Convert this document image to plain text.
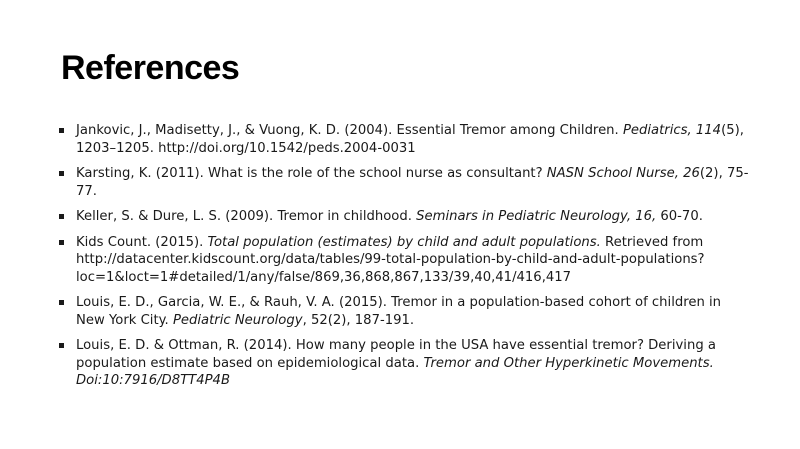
References
Jankovic, J., Madisetty, J., & Vuong, K. D. (2004). Essential Tremor among Children. Pediatrics, 114(5), 1203–1205. http://doi.org/10.1542/peds.2004-0031
Karsting, K. (2011). What is the role of the school nurse as consultant? NASN School Nurse, 26(2), 75-77.
Keller, S. & Dure, L. S. (2009). Tremor in childhood. Seminars in Pediatric Neurology, 16, 60-70.
Kids Count. (2015). Total population (estimates) by child and adult populations. Retrieved from http://datacenter.kidscount.org/data/tables/99-total-population-by-child-and-adult-populations?loc=1&loct=1#detailed/1/any/false/869,36,868,867,133/39,40,41/416,417
Louis, E. D., Garcia, W. E., & Rauh, V. A. (2015). Tremor in a population-based cohort of children in New York City. Pediatric Neurology, 52(2), 187-191.
Louis, E. D. & Ottman, R. (2014). How many people in the USA have essential tremor? Deriving a population estimate based on epidemiological data. Tremor and Other Hyperkinetic Movements. Doi:10:7916/D8TT4P4B
